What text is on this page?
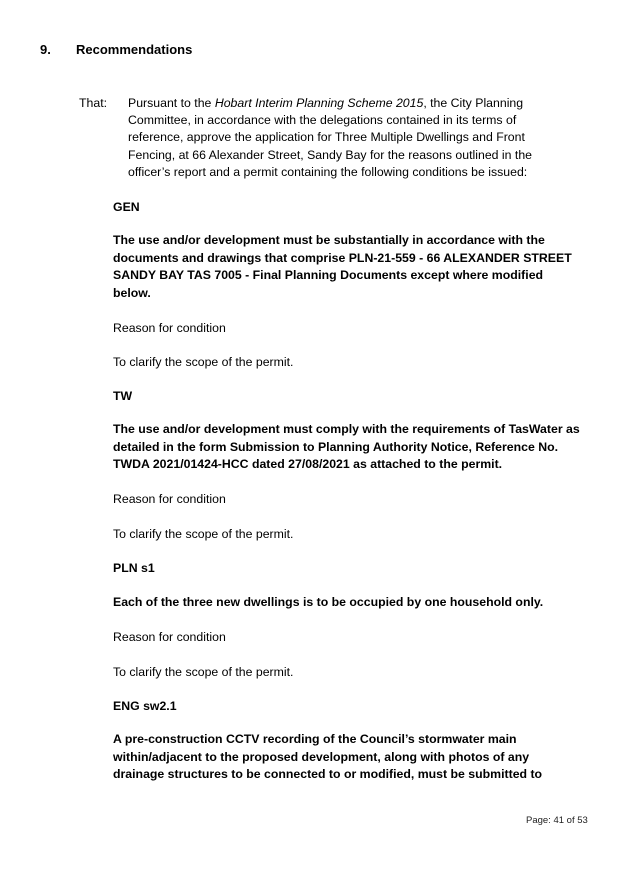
9. Recommendations
That: Pursuant to the Hobart Interim Planning Scheme 2015, the City Planning Committee, in accordance with the delegations contained in its terms of reference, approve the application for Three Multiple Dwellings and Front Fencing, at 66 Alexander Street, Sandy Bay for the reasons outlined in the officer’s report and a permit containing the following conditions be issued:
GEN
The use and/or development must be substantially in accordance with the documents and drawings that comprise PLN-21-559 - 66 ALEXANDER STREET SANDY BAY TAS 7005 - Final Planning Documents except where modified below.
Reason for condition
To clarify the scope of the permit.
TW
The use and/or development must comply with the requirements of TasWater as detailed in the form Submission to Planning Authority Notice, Reference No. TWDA 2021/01424-HCC dated 27/08/2021 as attached to the permit.
Reason for condition
To clarify the scope of the permit.
PLN s1
Each of the three new dwellings is to be occupied by one household only.
Reason for condition
To clarify the scope of the permit.
ENG sw2.1
A pre-construction CCTV recording of the Council’s stormwater main within/adjacent to the proposed development, along with photos of any drainage structures to be connected to or modified, must be submitted to
Page: 41 of 53
